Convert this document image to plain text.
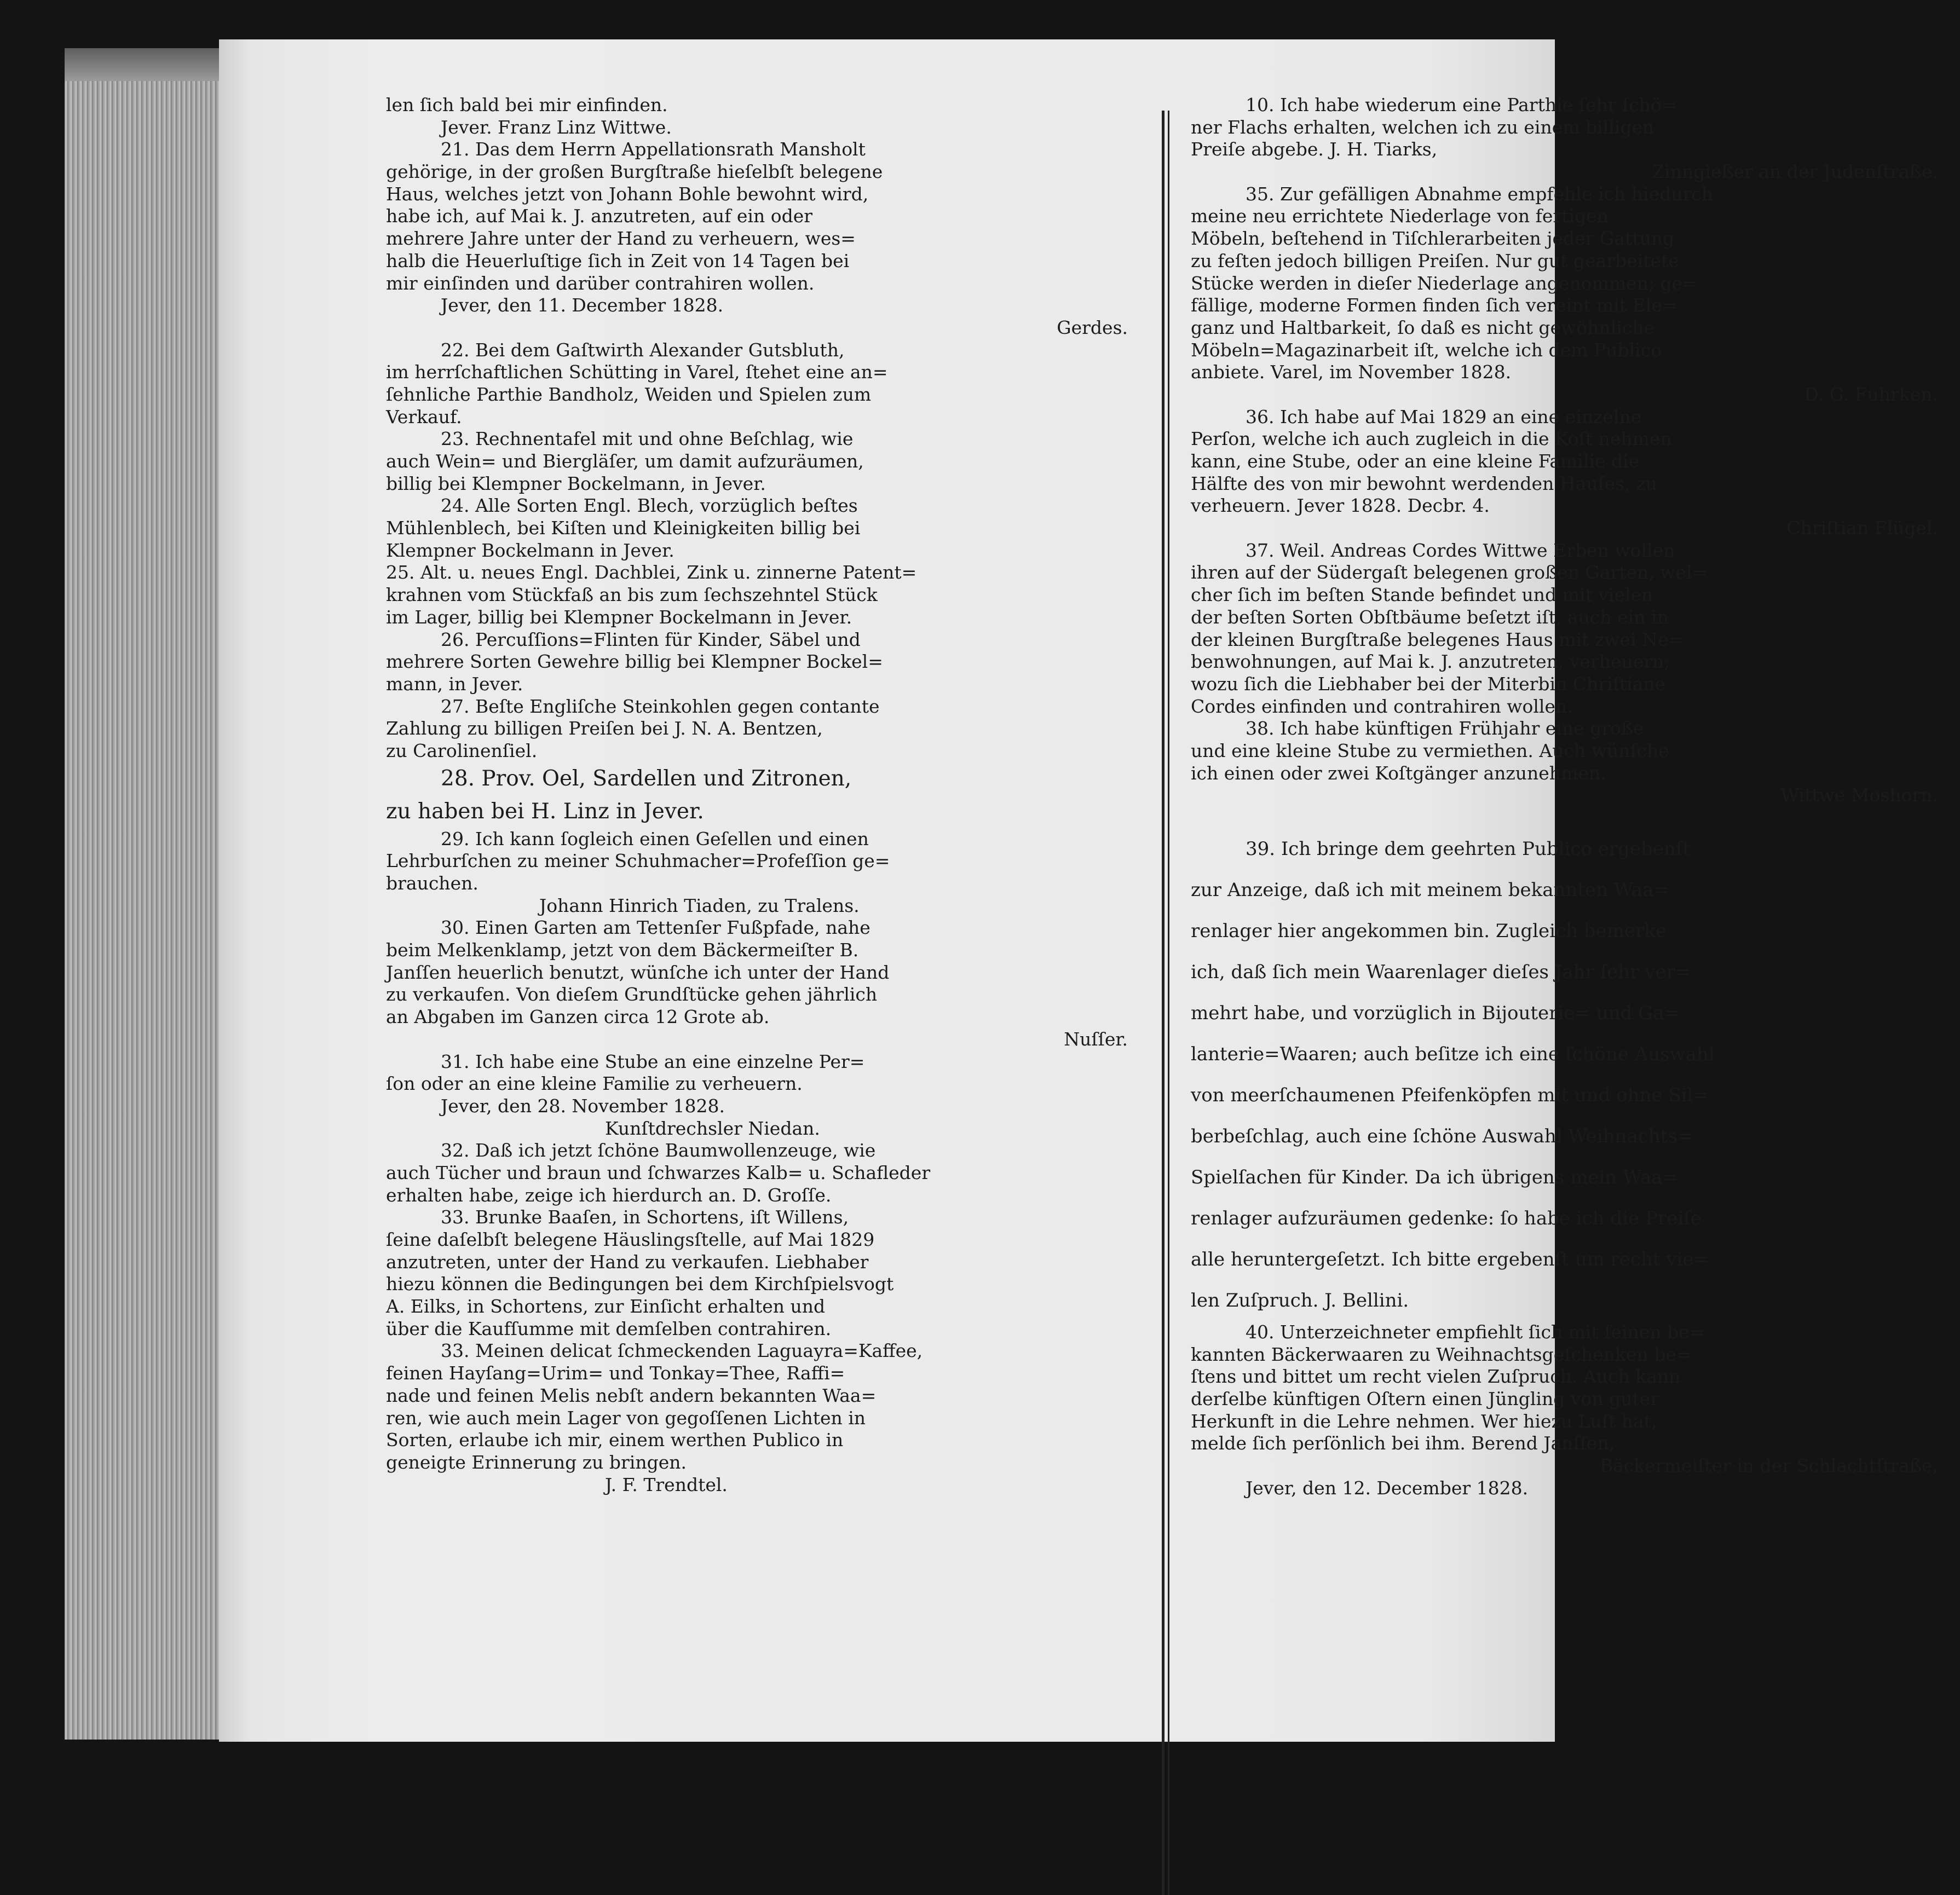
len ſich bald bei mir einfinden.
Jever. Franz Linz Wittwe.
21. Das dem Herrn Appellationsrath Mansholt
gehörige, in der großen Burgſtraße hieſelbſt belegene
Haus, welches jetzt von Johann Bohle bewohnt wird,
habe ich, auf Mai k. J. anzutreten, auf ein oder
mehrere Jahre unter der Hand zu verheuern, wes=
halb die Heuerluſtige ſich in Zeit von 14 Tagen bei
mir einſinden und darüber contrahiren wollen.
Jever, den 11. December 1828.
Gerdes.
22. Bei dem Gaſtwirth Alexander Gutsbluth,
im herrſchaftlichen Schütting in Varel, ſtehet eine an=
ſehnliche Parthie Bandholz, Weiden und Spielen zum
Verkauf.
23. Rechnentafel mit und ohne Beſchlag, wie
auch Wein= und Biergläſer, um damit aufzuräumen,
billig bei Klempner Bockelmann, in Jever.
24. Alle Sorten Engl. Blech, vorzüglich beſtes
Mühlenblech, bei Kiſten und Kleinigkeiten billig bei
Klempner Bockelmann in Jever.
25. Alt. u. neues Engl. Dachblei, Zink u. zinnerne Patent=
krahnen vom Stückfaß an bis zum ſechszehntel Stück
im Lager, billig bei Klempner Bockelmann in Jever.
26. Percuſſions=Flinten für Kinder, Säbel und
mehrere Sorten Gewehre billig bei Klempner Bockel=
mann, in Jever.
27. Beſte Engliſche Steinkohlen gegen contante
Zahlung zu billigen Preiſen bei J. N. A. Bentzen,
zu Carolinenſiel.
28. Prov. Oel, Sardellen und Zitronen,
zu haben bei H. Linz in Jever.
29. Ich kann ſogleich einen Geſellen und einen
Lehrburſchen zu meiner Schuhmacher=Profeſſion ge=
brauchen.
Johann Hinrich Tiaden, zu Tralens.
30. Einen Garten am Tettenſer Fußpfade, nahe
beim Melkenklamp, jetzt von dem Bäckermeiſter B.
Janſſen heuerlich benutzt, wünſche ich unter der Hand
zu verkaufen. Von dieſem Grundſtücke gehen jährlich
an Abgaben im Ganzen circa 12 Grote ab.
Nuſſer.
31. Ich habe eine Stube an eine einzelne Per=
ſon oder an eine kleine Familie zu verheuern.
Jever, den 28. November 1828.
Kunſtdrechsler Niedan.
32. Daß ich jetzt ſchöne Baumwollenzeuge, wie
auch Tücher und braun und ſchwarzes Kalb= u. Schafleder
erhalten habe, zeige ich hierdurch an. D. Groſſe.
33. Brunke Baaſen, in Schortens, iſt Willens,
ſeine daſelbſt belegene Häuslingsſtelle, auf Mai 1829
anzutreten, unter der Hand zu verkaufen. Liebhaber
hiezu können die Bedingungen bei dem Kirchſpielsvogt
A. Eilks, in Schortens, zur Einſicht erhalten und
über die Kaufſumme mit demſelben contrahiren.
33. Meinen delicat ſchmeckenden Laguayra=Kaffee,
feinen Hayſang=Urim= und Tonkay=Thee, Raffi=
nade und feinen Melis nebſt andern bekannten Waa=
ren, wie auch mein Lager von gegoſſenen Lichten in
Sorten, erlaube ich mir, einem werthen Publico in
geneigte Erinnerung zu bringen.
J. F. Trendtel.
10. Ich habe wiederum eine Parthie ſehr ſchö=
ner Flachs erhalten, welchen ich zu einem billigen
Preiſe abgebe. J. H. Tiarks,
Zinngießer an der Judenſtraße.
35. Zur gefälligen Abnahme empfehle ich hiedurch
meine neu errichtete Niederlage von fertigen
Möbeln, beſtehend in Tiſchlerarbeiten jeder Gattung
zu feſten jedoch billigen Preiſen. Nur gut gearbeitete
Stücke werden in dieſer Niederlage angenommen; ge=
fällige, moderne Formen finden ſich vereint mit Ele=
ganz und Haltbarkeit, ſo daß es nicht gewöhnliche
Möbeln=Magazinarbeit iſt, welche ich dem Publico
anbiete. Varel, im November 1828.
D. G. Fuhrken.
36. Ich habe auf Mai 1829 an eine einzelne
Perſon, welche ich auch zugleich in die Koſt nehmen
kann, eine Stube, oder an eine kleine Familie die
Hälfte des von mir bewohnt werdenden Hauſes, zu
verheuern. Jever 1828. Decbr. 4.
Chriſtian Flügel.
37. Weil. Andreas Cordes Wittwe Erben wollen
ihren auf der Südergaſt belegenen großen Garten, wel=
cher ſich im beſten Stande befindet und mit vielen
der beſten Sorten Obſtbäume beſetzt iſt, auch ein in
der kleinen Burgſtraße belegenes Haus mit zwei Ne=
benwohnungen, auf Mai k. J. anzutreten, verheuern;
wozu ſich die Liebhaber bei der Miterbin Chriſtiane
Cordes einfinden und contrahiren wollen.
38. Ich habe künftigen Frühjahr eine große
und eine kleine Stube zu vermiethen. Auch wünſche
ich einen oder zwei Koſtgänger anzunehmen.
Wittwe Moshorn.
39. Ich bringe dem geehrten Publico ergebenſt
zur Anzeige, daß ich mit meinem bekannten Waa=
renlager hier angekommen bin. Zugleich bemerke
ich, daß ſich mein Waarenlager dieſes Jahr ſehr ver=
mehrt habe, und vorzüglich in Bijouterie= und Ga=
lanterie=Waaren; auch beſitze ich eine ſchöne Auswahl
von meerſchaumenen Pfeifenköpfen mit und ohne Sil=
berbeſchlag, auch eine ſchöne Auswahl Weihnachts=
Spielſachen für Kinder. Da ich übrigens mein Waa=
renlager aufzuräumen gedenke: ſo habe ich die Preiſe
alle heruntergeſetzt. Ich bitte ergebenſt um recht vie=
len Zuſpruch. J. Bellini.
40. Unterzeichneter empfiehlt ſich mit ſeinen be=
kannten Bäckerwaaren zu Weihnachtsgeſchenken be=
ſtens und bittet um recht vielen Zuſpruch. Auch kann
derſelbe künftigen Oſtern einen Jüngling von guter
Herkunft in die Lehre nehmen. Wer hiezu Luſt hat,
melde ſich perſönlich bei ihm. Berend Janſſen,
Bäckermeiſter in der Schlachtſtraße,
Jever, den 12. December 1828.
